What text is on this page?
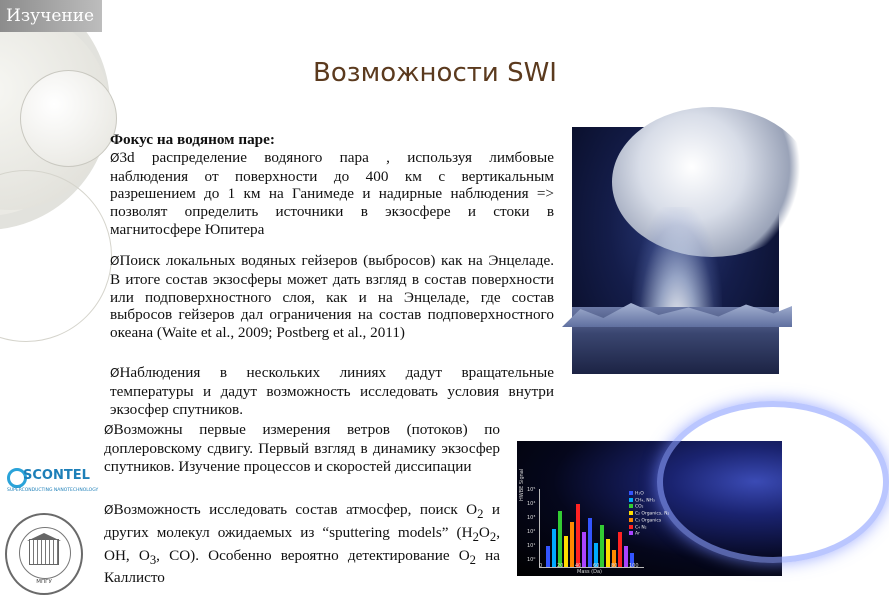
Изучение
Возможности SWI
Фокус на водяном паре:
Ø3d распределение водяного пара , используя лимбовые наблюдения от поверхности до 400 км с вертикальным разрешением до 1 км на Ганимеде и надирные наблюдения => позволят определить источники в экзосфере и стоки в магнитосфере Юпитера
ØПоиск локальных водяных гейзеров (выбросов) как на Энцеладе. В итоге состав экзосферы может дать взгляд в состав поверхности или подповерхностного слоя, как и на Энцеладе, где состав выбросов гейзеров дал ограничения на состав подповерхностного океана (Waite et al., 2009; Postberg et al., 2011)
ØНаблюдения в нескольких линиях дадут вращательные температуры и дадут возможность исследовать условия внутри экзосфер спутников.
ØВозможны первые измерения ветров (потоков) по доплеровскому сдвигу. Первый взгляд в динамику экзосфер спутников. Изучение процессов и скоростей диссипации
ØВозможность исследовать состав атмосфер, поиск $O_2$ и других молекул ожидаемых из “sputtering models” ($H_2O_2$, OH, $O_3$, CO). Особенно вероятно детектирование $O_2$ на Каллисто
HWBE Signal
Mass (Da)
H₂O
CH₄, NH₃
CO₂
C₂ Organics, N₂
C₃ Organics
C₄ N₂
Ar
0	20 40 60 80 100
10⁵
10⁴
10³
10²
10¹
10⁰
SCONTEL
SUPERCONDUCTING NANOTECHNOLOGY
МПГУ
